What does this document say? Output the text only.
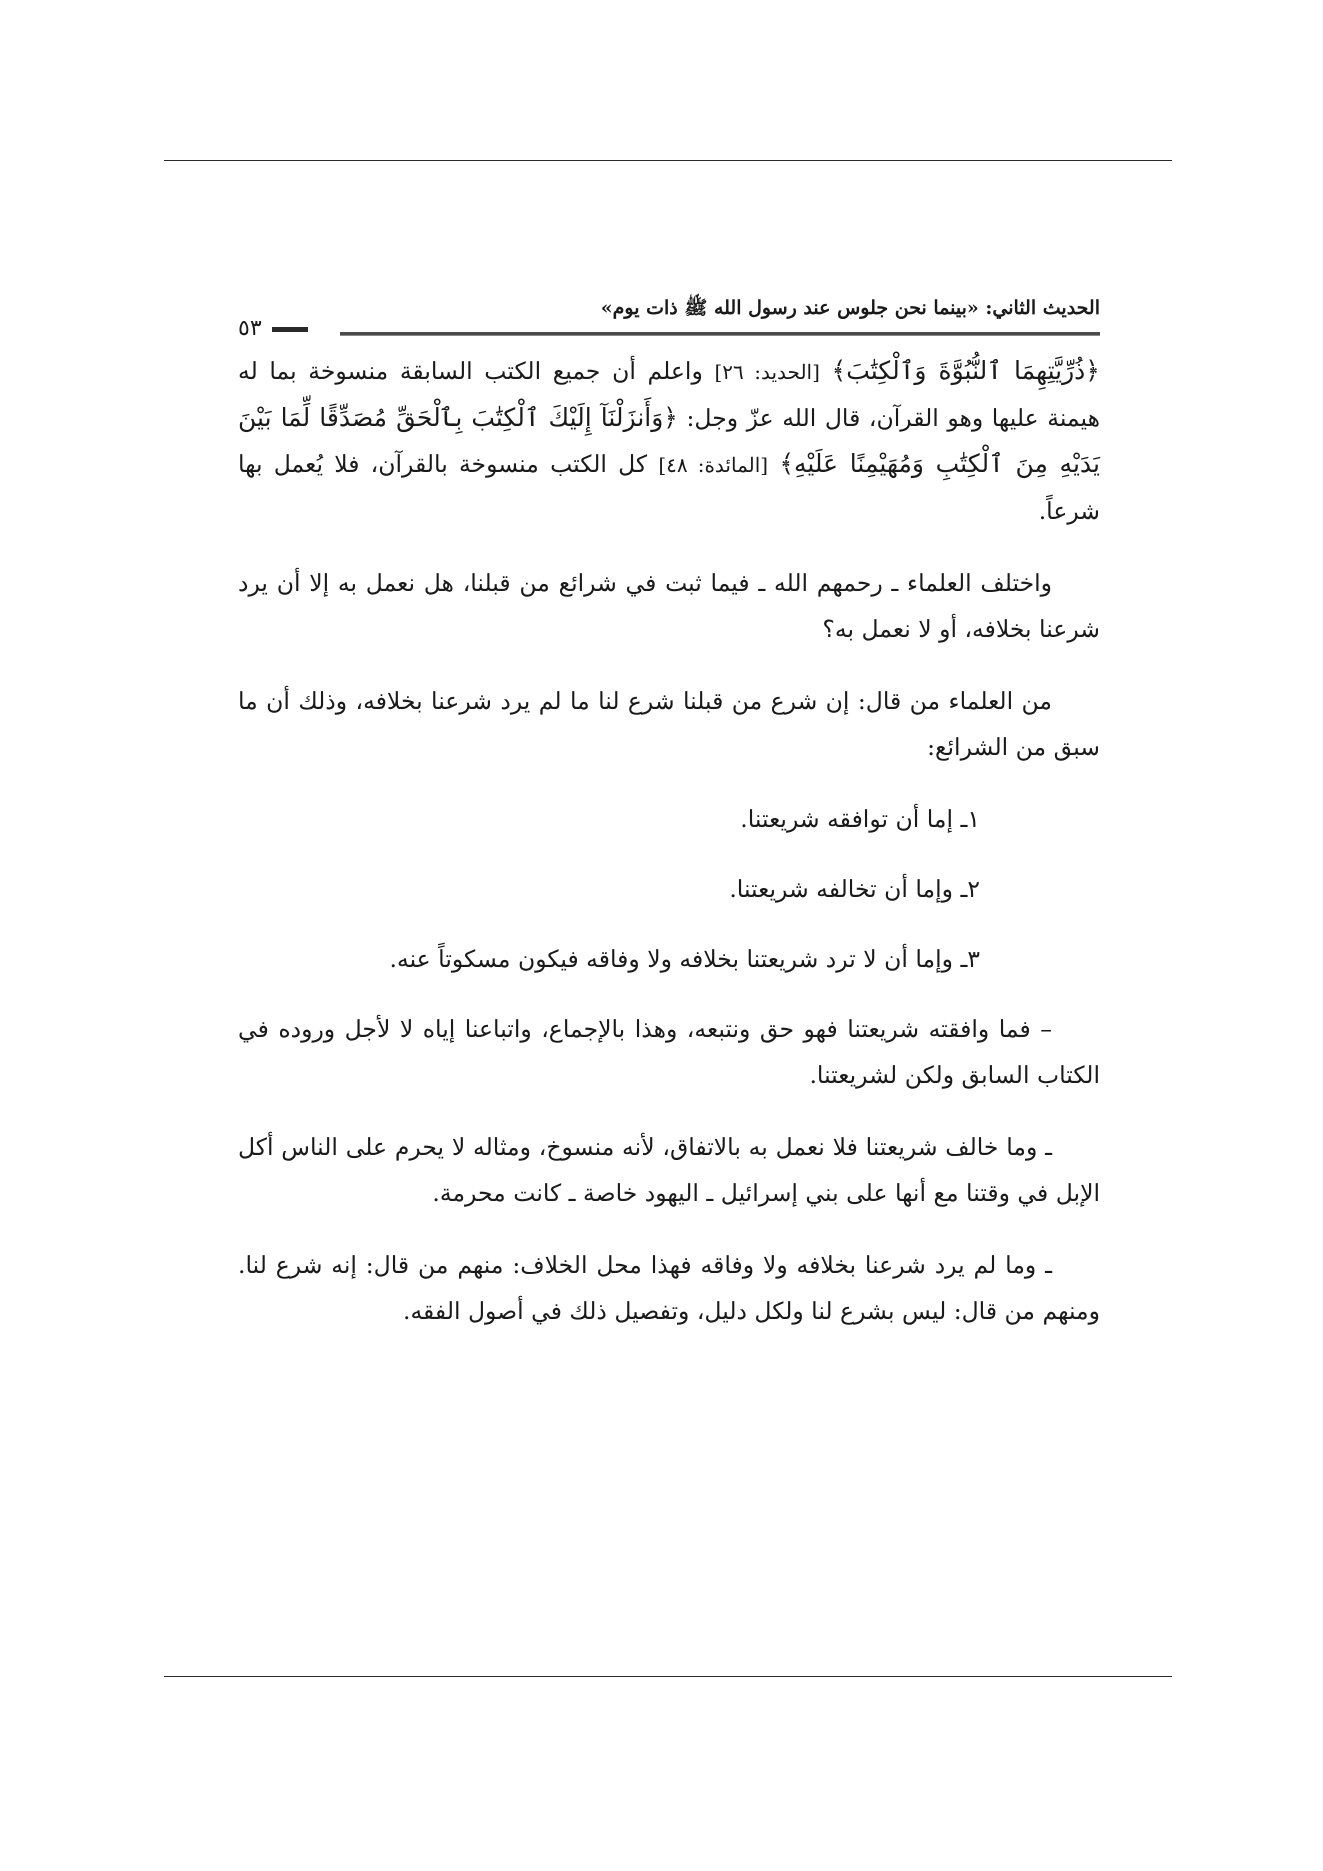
الحديث الثاني: «بينما نحن جلوس عند رسول الله ﷺ ذات يوم»
٥٣

﴿ذُرِّيَّتِهِمَا ٱلنُّبُوَّةَ وَٱلْكِتَٰبَ﴾ [الحديد: ٢٦] واعلم أن جميع الكتب السابقة منسوخة بما له هيمنة عليها وهو القرآن، قال الله عزّ وجل: ﴿وَأَنزَلْنَآ إِلَيْكَ ٱلْكِتَٰبَ بِٱلْحَقِّ مُصَدِّقًا لِّمَا بَيْنَ يَدَيْهِ مِنَ ٱلْكِتَٰبِ وَمُهَيْمِنًا عَلَيْهِ﴾ [المائدة: ٤٨] كل الكتب منسوخة بالقرآن، فلا يُعمل بها شرعاً.

واختلف العلماء ـ رحمهم الله ـ فيما ثبت في شرائع من قبلنا، هل نعمل به إلا أن يرد شرعنا بخلافه، أو لا نعمل به؟

من العلماء من قال: إن شرع من قبلنا شرع لنا ما لم يرد شرعنا بخلافه، وذلك أن ما سبق من الشرائع:

١ـ إما أن توافقه شريعتنا.

٢ـ وإما أن تخالفه شريعتنا.

٣ـ وإما أن لا ترد شريعتنا بخلافه ولا وفاقه فيكون مسكوتاً عنه.

– فما وافقته شريعتنا فهو حق ونتبعه، وهذا بالإجماع، واتباعنا إياه لا لأجل وروده في الكتاب السابق ولكن لشريعتنا.

ـ وما خالف شريعتنا فلا نعمل به بالاتفاق، لأنه منسوخ، ومثاله لا يحرم على الناس أكل الإبل في وقتنا مع أنها على بني إسرائيل ـ اليهود خاصة ـ كانت محرمة.

ـ وما لم يرد شرعنا بخلافه ولا وفاقه فهذا محل الخلاف: منهم من قال: إنه شرع لنا. ومنهم من قال: ليس بشرع لنا ولكل دليل، وتفصيل ذلك في أصول الفقه.
